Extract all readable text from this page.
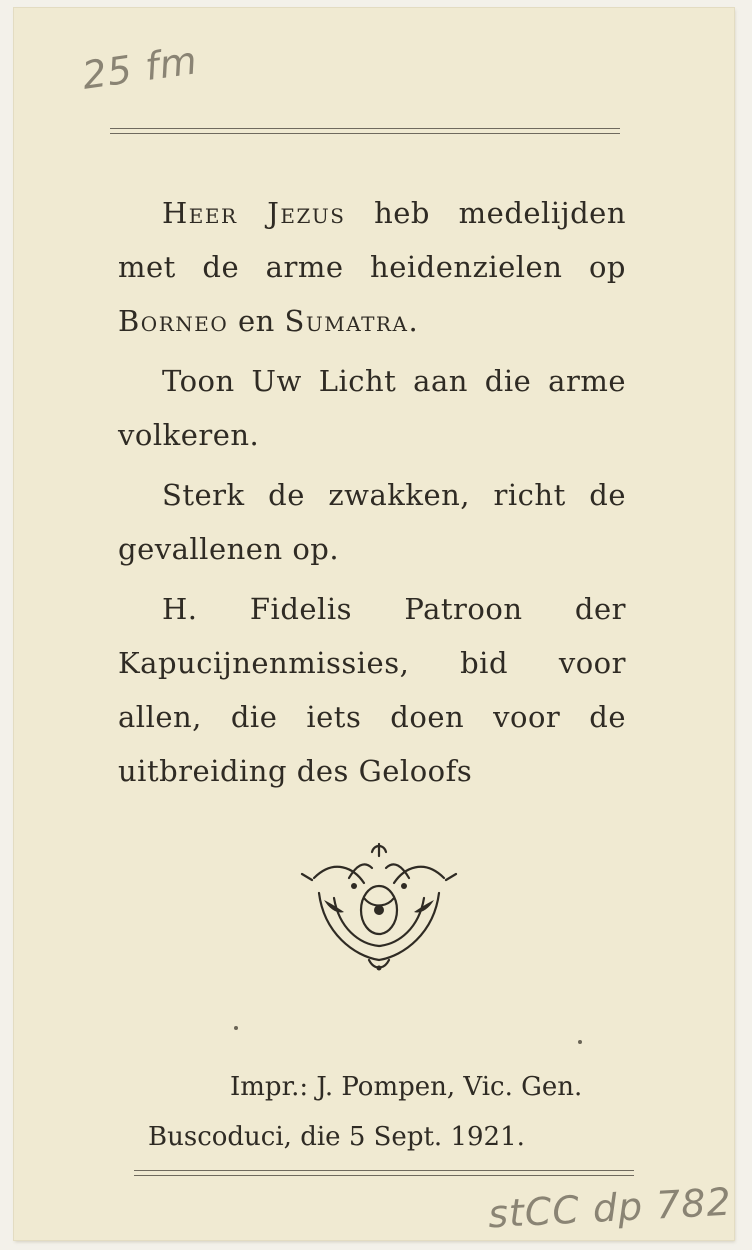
25 fm

Heer Jezus heb medelijden met de arme heidenzielen op Borneo en Sumatra.

Toon Uw Licht aan die arme volkeren.

Sterk de zwakken, richt de gevallenen op.

H. Fidelis Patroon der Kapucijnenmissies, bid voor allen, die iets doen voor de uitbreiding des Geloofs

Impr.: J. Pompen, Vic. Gen.
Buscoduci, die 5 Sept. 1921.
stCC dp 782
